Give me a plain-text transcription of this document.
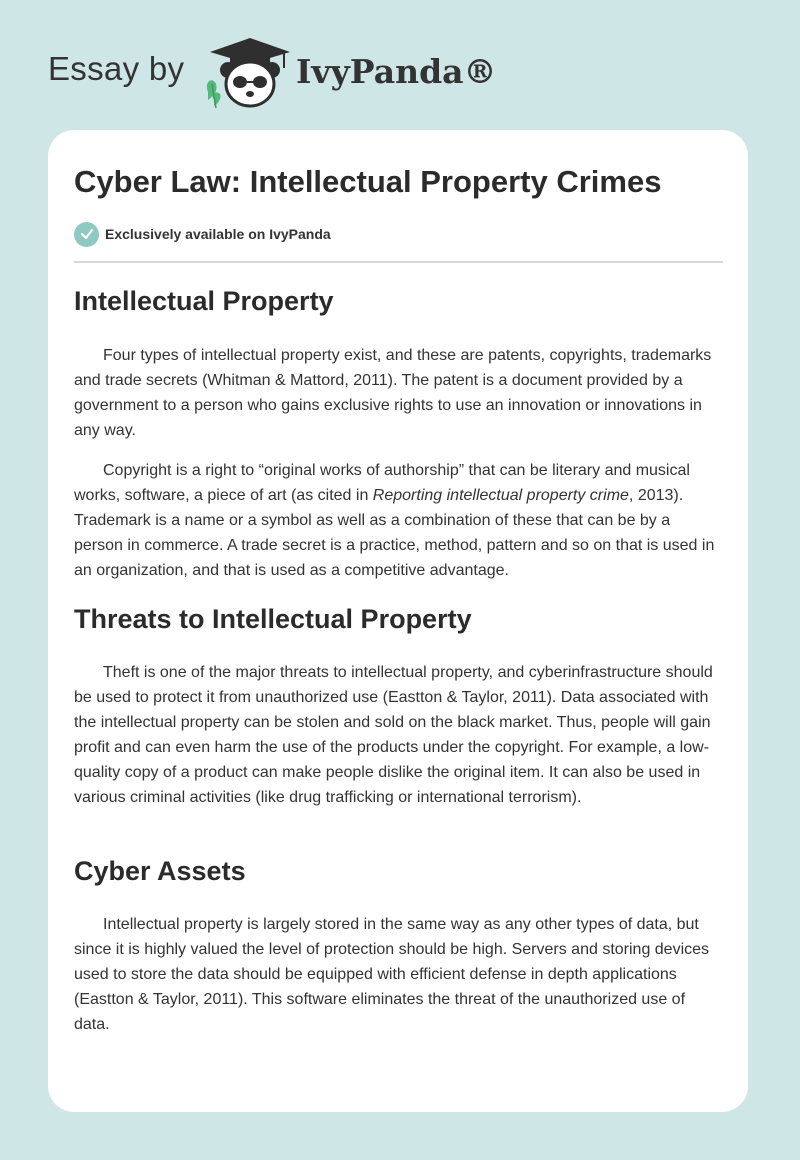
Essay by	IvyPanda®
Cyber Law: Intellectual Property Crimes
Exclusively available on IvyPanda
Intellectual Property

Four types of intellectual property exist, and these are patents, copyrights, trademarks and trade secrets (Whitman & Mattord, 2011). The patent is a document provided by a government to a person who gains exclusive rights to use an innovation or innovations in any way.

Copyright is a right to “original works of authorship” that can be literary and musical works, software, a piece of art (as cited in Reporting intellectual property crime, 2013). Trademark is a name or a symbol as well as a combination of these that can be by a person in commerce. A trade secret is a practice, method, pattern and so on that is used in an organization, and that is used as a competitive advantage.

Threats to Intellectual Property

Theft is one of the major threats to intellectual property, and cyberinfrastructure should be used to protect it from unauthorized use (Eastton & Taylor, 2011). Data associated with the intellectual property can be stolen and sold on the black market. Thus, people will gain profit and can even harm the use of the products under the copyright. For example, a low-quality copy of a product can make people dislike the original item. It can also be used in various criminal activities (like drug trafficking or international terrorism).

Cyber Assets

Intellectual property is largely stored in the same way as any other types of data, but since it is highly valued the level of protection should be high. Servers and storing devices used to store the data should be equipped with efficient defense in depth applications (Eastton & Taylor, 2011). This software eliminates the threat of the unauthorized use of data.
